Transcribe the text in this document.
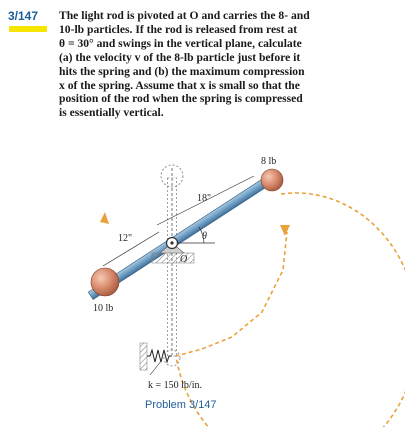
3/147 The light rod is pivoted at O and carries the 8- and
10-lb particles. If the rod is released from rest at
θ = 30° and swings in the vertical plane, calculate
(a) the velocity v of the 8-lb particle just before it
hits the spring and (b) the maximum compression
x of the spring. Assume that x is small so that the
position of the rod when the spring is compressed
is essentially vertical.
8 lb
18"
θ
O
12"
10 lb
k = 150 lb/in.
Problem 3/147
